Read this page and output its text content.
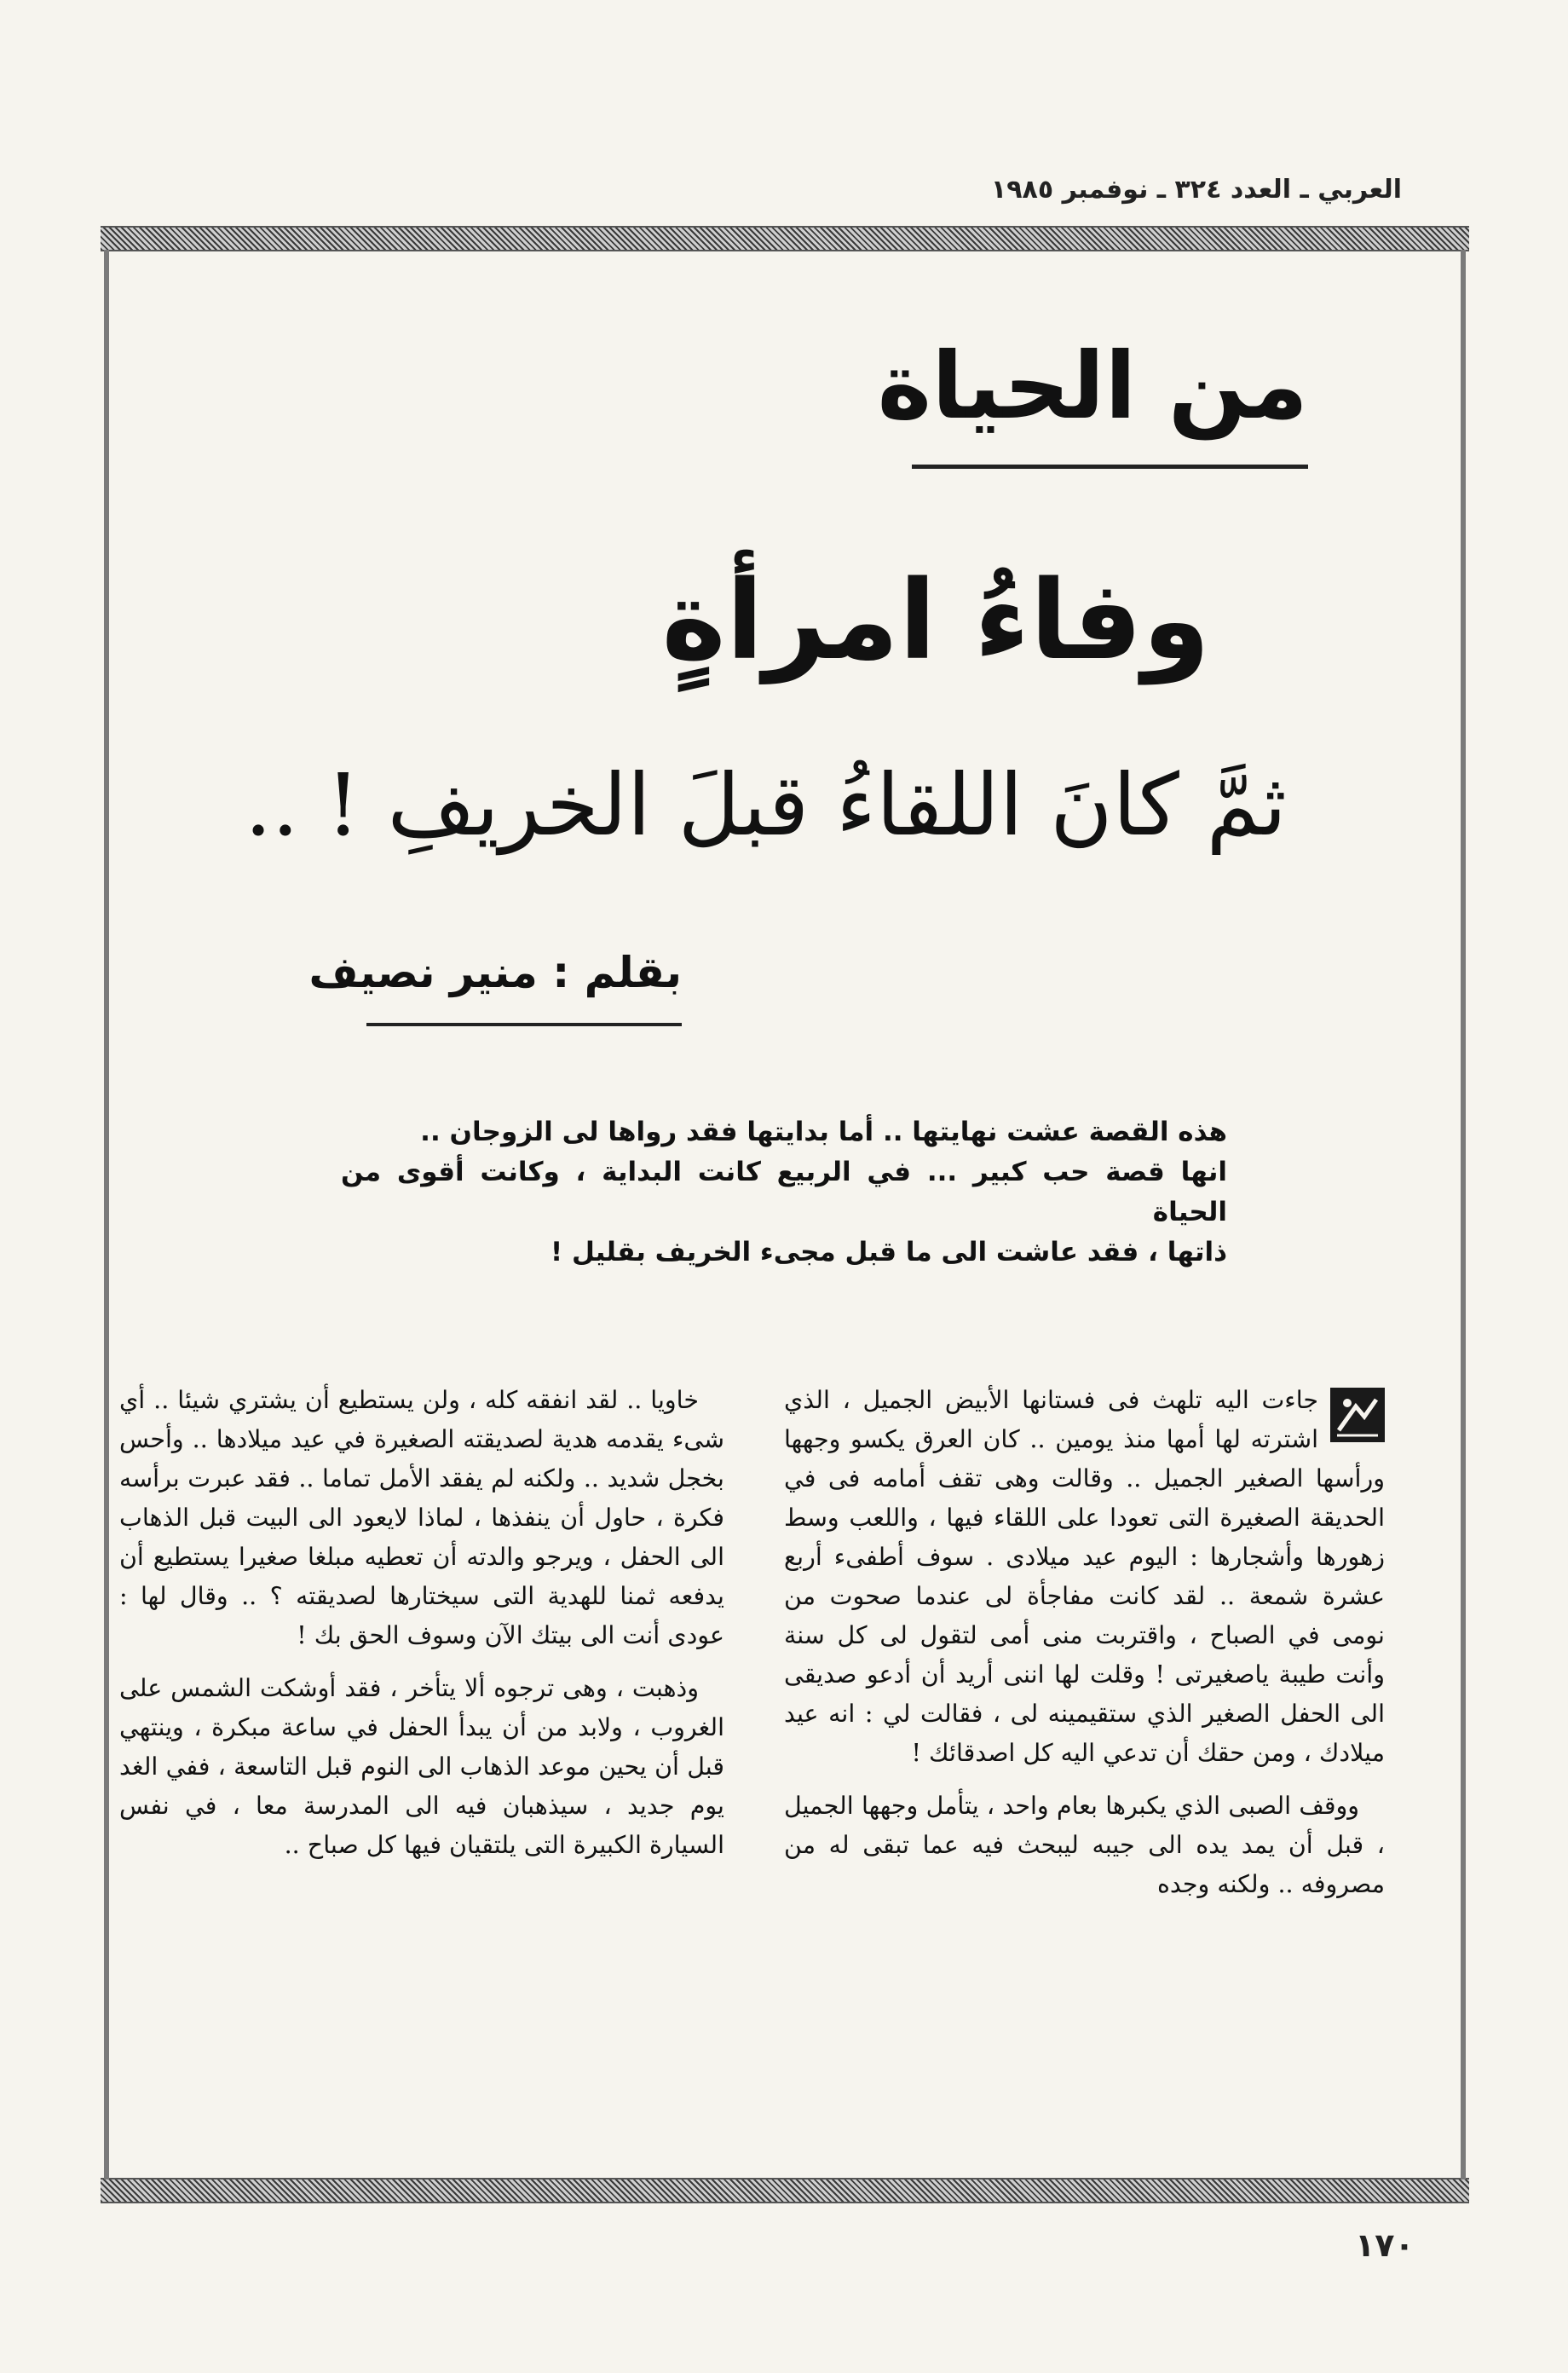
العربي ـ العدد ٣٢٤ ـ نوفمبر ١٩٨٥
من الحياة
وفاءُ امرأةٍ
ثمَّ كانَ اللقاءُ قبلَ الخريفِ ! ..
بقلم : منير نصيف

هذه القصة عشت نهايتها .. أما بدايتها فقد رواها لى الزوجان ..

انها قصة حب كبير ... في الربيع كانت البداية ، وكانت أقوى من الحياة

ذاتها ، فقد عاشت الى ما قبل مجىء الخريف بقليل !

جاءت اليه تلهث فى فستانها الأبيض الجميل ، الذي اشترته لها أمها منذ يومين .. كان العرق يكسو وجهها ورأسها الصغير الجميل .. وقالت وهى تقف أمامه فى في الحديقة الصغيرة التى تعودا على اللقاء فيها ، واللعب وسط زهورها وأشجارها : اليوم عيد ميلادى . سوف أطفىء أربع عشرة شمعة .. لقد كانت مفاجأة لى عندما صحوت من نومى في الصباح ، واقتربت منى أمى لتقول لى كل سنة وأنت طيبة ياصغيرتى ! وقلت لها اننى أريد أن أدعو صديقى الى الحفل الصغير الذي ستقيمينه لى ، فقالت لي : انه عيد ميلادك ، ومن حقك أن تدعي اليه كل اصدقائك !

ووقف الصبى الذي يكبرها بعام واحد ، يتأمل وجهها الجميل ، قبل أن يمد يده الى جيبه ليبحث فيه عما تبقى له من مصروفه .. ولكنه وجده

خاويا .. لقد انفقه كله ، ولن يستطيع أن يشتري شيئا .. أي شىء يقدمه هدية لصديقته الصغيرة في عيد ميلادها .. وأحس بخجل شديد .. ولكنه لم يفقد الأمل تماما .. فقد عبرت برأسه فكرة ، حاول أن ينفذها ، لماذا لايعود الى البيت قبل الذهاب الى الحفل ، ويرجو والدته أن تعطيه مبلغا صغيرا يستطيع أن يدفعه ثمنا للهدية التى سيختارها لصديقته ؟ .. وقال لها : عودى أنت الى بيتك الآن وسوف الحق بك !

وذهبت ، وهى ترجوه ألا يتأخر ، فقد أوشكت الشمس على الغروب ، ولابد من أن يبدأ الحفل في ساعة مبكرة ، وينتهي قبل أن يحين موعد الذهاب الى النوم قبل التاسعة ، ففي الغد يوم جديد ، سيذهبان فيه الى المدرسة معا ، في نفس السيارة الكبيرة التى يلتقيان فيها كل صباح ..

١٧٠
